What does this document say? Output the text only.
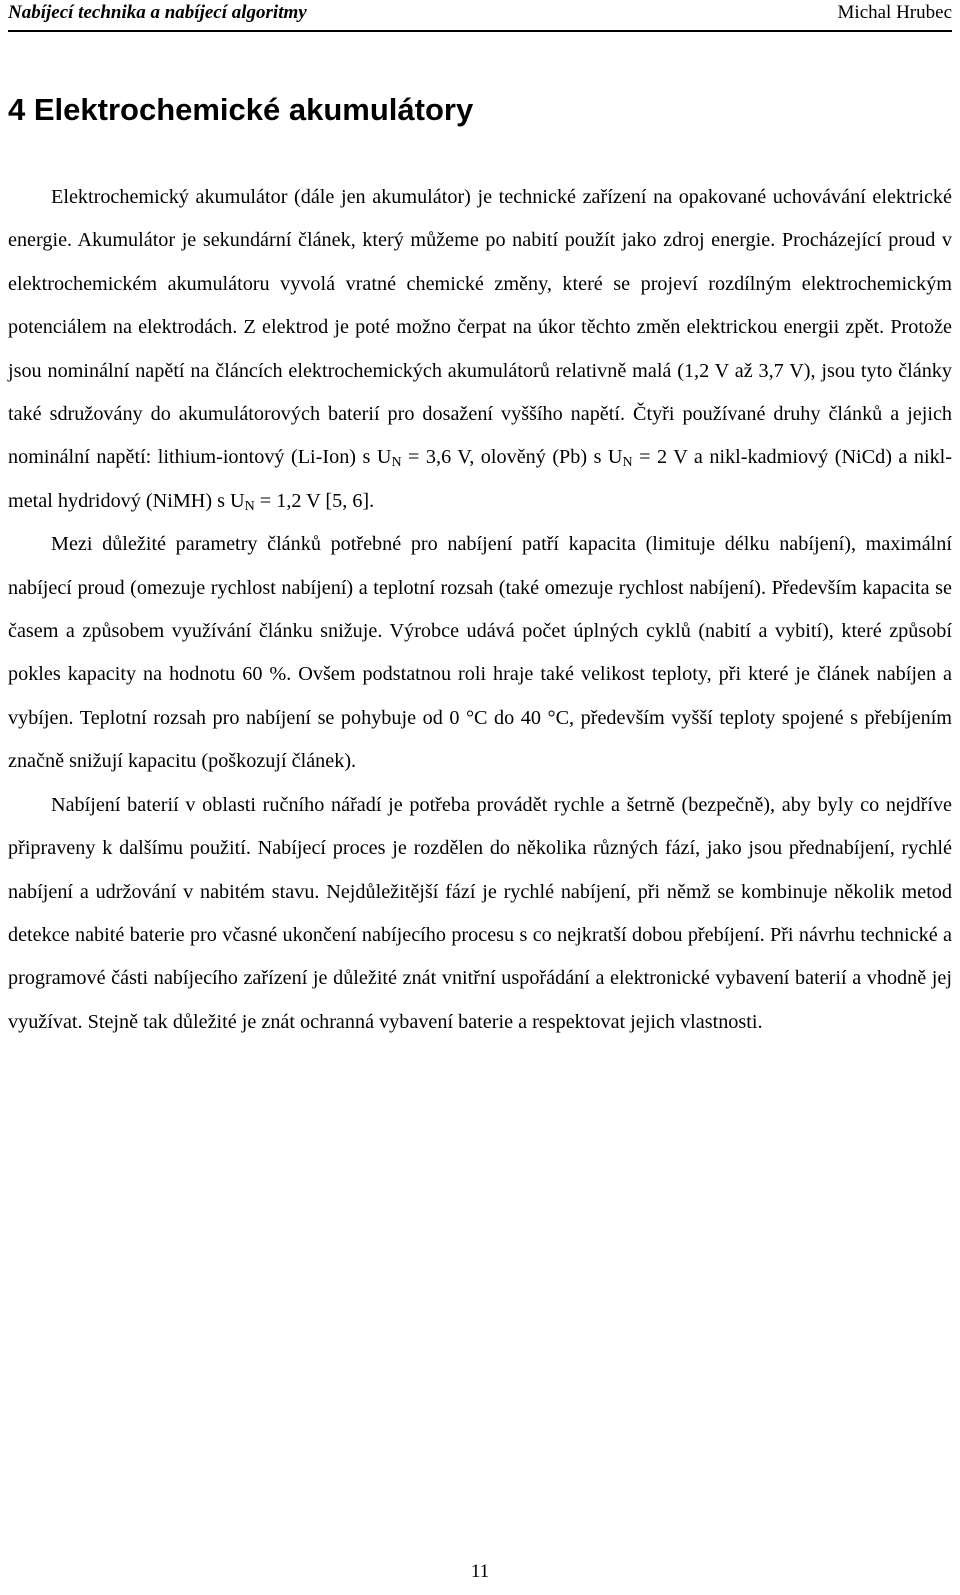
Nabíjecí technika a nabíjecí algoritmy	Michal Hrubec
4 Elektrochemické akumulátory

Elektrochemický akumulátor (dále jen akumulátor) je technické zařízení na opakované uchovávání elektrické energie. Akumulátor je sekundární článek, který můžeme po nabití použít jako zdroj energie. Procházející proud v elektrochemickém akumulátoru vyvolá vratné chemické změny, které se projeví rozdílným elektrochemickým potenciálem na elektrodách. Z elektrod je poté možno čerpat na úkor těchto změn elektrickou energii zpět. Protože jsou nominální napětí na článcích elektrochemických akumulátorů relativně malá (1,2 V až 3,7 V), jsou tyto články také sdružovány do akumulátorových baterií pro dosažení vyššího napětí. Čtyři používané druhy článků a jejich nominální napětí: lithium-iontový (Li-Ion) s $U_N = 3,6$ V, olověný (Pb) s $U_N = 2$ V a nikl-kadmiový (NiCd) a nikl-metal hydridový (NiMH) s $U_N = 1,2$ V [5, 6].

Mezi důležité parametry článků potřebné pro nabíjení patří kapacita (limituje délku nabíjení), maximální nabíjecí proud (omezuje rychlost nabíjení) a teplotní rozsah (také omezuje rychlost nabíjení). Především kapacita se časem a způsobem využívání článku snižuje. Výrobce udává počet úplných cyklů (nabití a vybití), které způsobí pokles kapacity na hodnotu 60 %. Ovšem podstatnou roli hraje také velikost teploty, při které je článek nabíjen a vybíjen. Teplotní rozsah pro nabíjení se pohybuje od 0 °C do 40 °C, především vyšší teploty spojené s přebíjením značně snižují kapacitu (poškozují článek).

Nabíjení baterií v oblasti ručního nářadí je potřeba provádět rychle a šetrně (bezpečně), aby byly co nejdříve připraveny k dalšímu použití. Nabíjecí proces je rozdělen do několika různých fází, jako jsou přednabíjení, rychlé nabíjení a udržování v nabitém stavu. Nejdůležitější fází je rychlé nabíjení, při němž se kombinuje několik metod detekce nabité baterie pro včasné ukončení nabíjecího procesu s co nejkratší dobou přebíjení. Při návrhu technické a programové části nabíjecího zařízení je důležité znát vnitřní uspořádání a elektronické vybavení baterií a vhodně jej využívat. Stejně tak důležité je znát ochranná vybavení baterie a respektovat jejich vlastnosti.

11
